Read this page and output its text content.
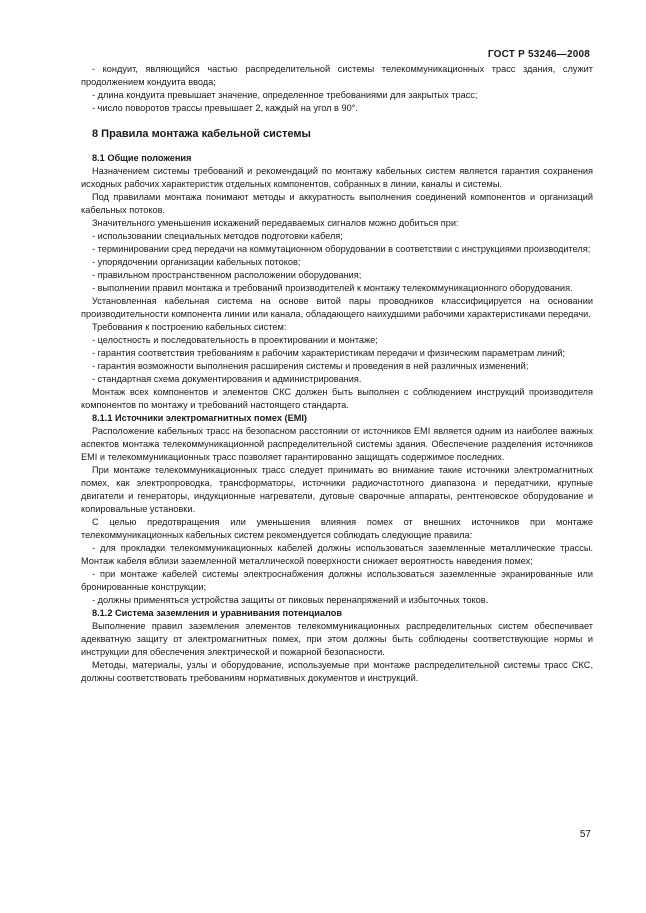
ГОСТ Р 53246—2008

- кондуит, являющийся частью распределительной системы телекоммуникационных трасс здания, служит продолжением кондуита ввода;

- длина кондуита превышает значение, определенное требованиями для закрытых трасс;

- число поворотов трассы превышает 2, каждый на угол в 90°.

8 Правила монтажа кабельной системы
8.1 Общие положения

Назначением системы требований и рекомендаций по монтажу кабельных систем является гарантия сохранения исходных рабочих характеристик отдельных компонентов, собранных в линии, каналы и системы.

Под правилами монтажа понимают методы и аккуратность выполнения соединений компонентов и организаций кабельных потоков.

Значительного уменьшения искажений передаваемых сигналов можно добиться при:

- использовании специальных методов подготовки кабеля;

- терминировании сред передачи на коммутационном оборудовании в соответствии с инструкциями производителя;

- упорядочении организации кабельных потоков;

- правильном пространственном расположении оборудования;

- выполнении правил монтажа и требований производителей к монтажу телекоммуникационного оборудования.

Установленная кабельная система на основе витой пары проводников классифицируется на основании производительности компонента линии или канала, обладающего наихудшими рабочими характеристиками передачи.

Требования к построению кабельных систем:

- целостность и последовательность в проектировании и монтаже;

- гарантия соответствия требованиям к рабочим характеристикам передачи и физическим параметрам линий;

- гарантия возможности выполнения расширения системы и проведения в ней различных изменений;

- стандартная схема документирования и администрирования.

Монтаж всех компонентов и элементов СКС должен быть выполнен с соблюдением инструкций производителя компонентов по монтажу и требований настоящего стандарта.

8.1.1 Источники электромагнитных помех (EMI)

Расположение кабельных трасс на безопасном расстоянии от источников EMI является одним из наиболее важных аспектов монтажа телекоммуникационной распределительной системы здания. Обеспечение разделения источников EMI и телекоммуникационных трасс позволяет гарантированно защищать содержимое последних.

При монтаже телекоммуникационных трасс следует принимать во внимание такие источники электромагнитных помех, как электропроводка, трансформаторы, источники радиочастотного диапазона и передатчики, крупные двигатели и генераторы, индукционные нагреватели, дуговые сварочные аппараты, рентгеновское оборудование и копировальные установки.

С целью предотвращения или уменьшения влияния помех от внешних источников при монтаже телекоммуникационных кабельных систем рекомендуется соблюдать следующие правила:

- для прокладки телекоммуникационных кабелей должны использоваться заземленные металлические трассы. Монтаж кабеля вблизи заземленной металлической поверхности снижает вероятность наведения помех;

- при монтаже кабелей системы электроснабжения должны использоваться заземленные экранированные или бронированные конструкции;

- должны применяться устройства защиты от пиковых перенапряжений и избыточных токов.

8.1.2 Система заземления и уравнивания потенциалов

Выполнение правил заземления элементов телекоммуникационных распределительных систем обеспечивает адекватную защиту от электромагнитных помех, при этом должны быть соблюдены соответствующие нормы и инструкции для обеспечения электрической и пожарной безопасности.

Методы, материалы, узлы и оборудование, используемые при монтаже распределительной системы трасс СКС, должны соответствовать требованиям нормативных документов и инструкций.

57
